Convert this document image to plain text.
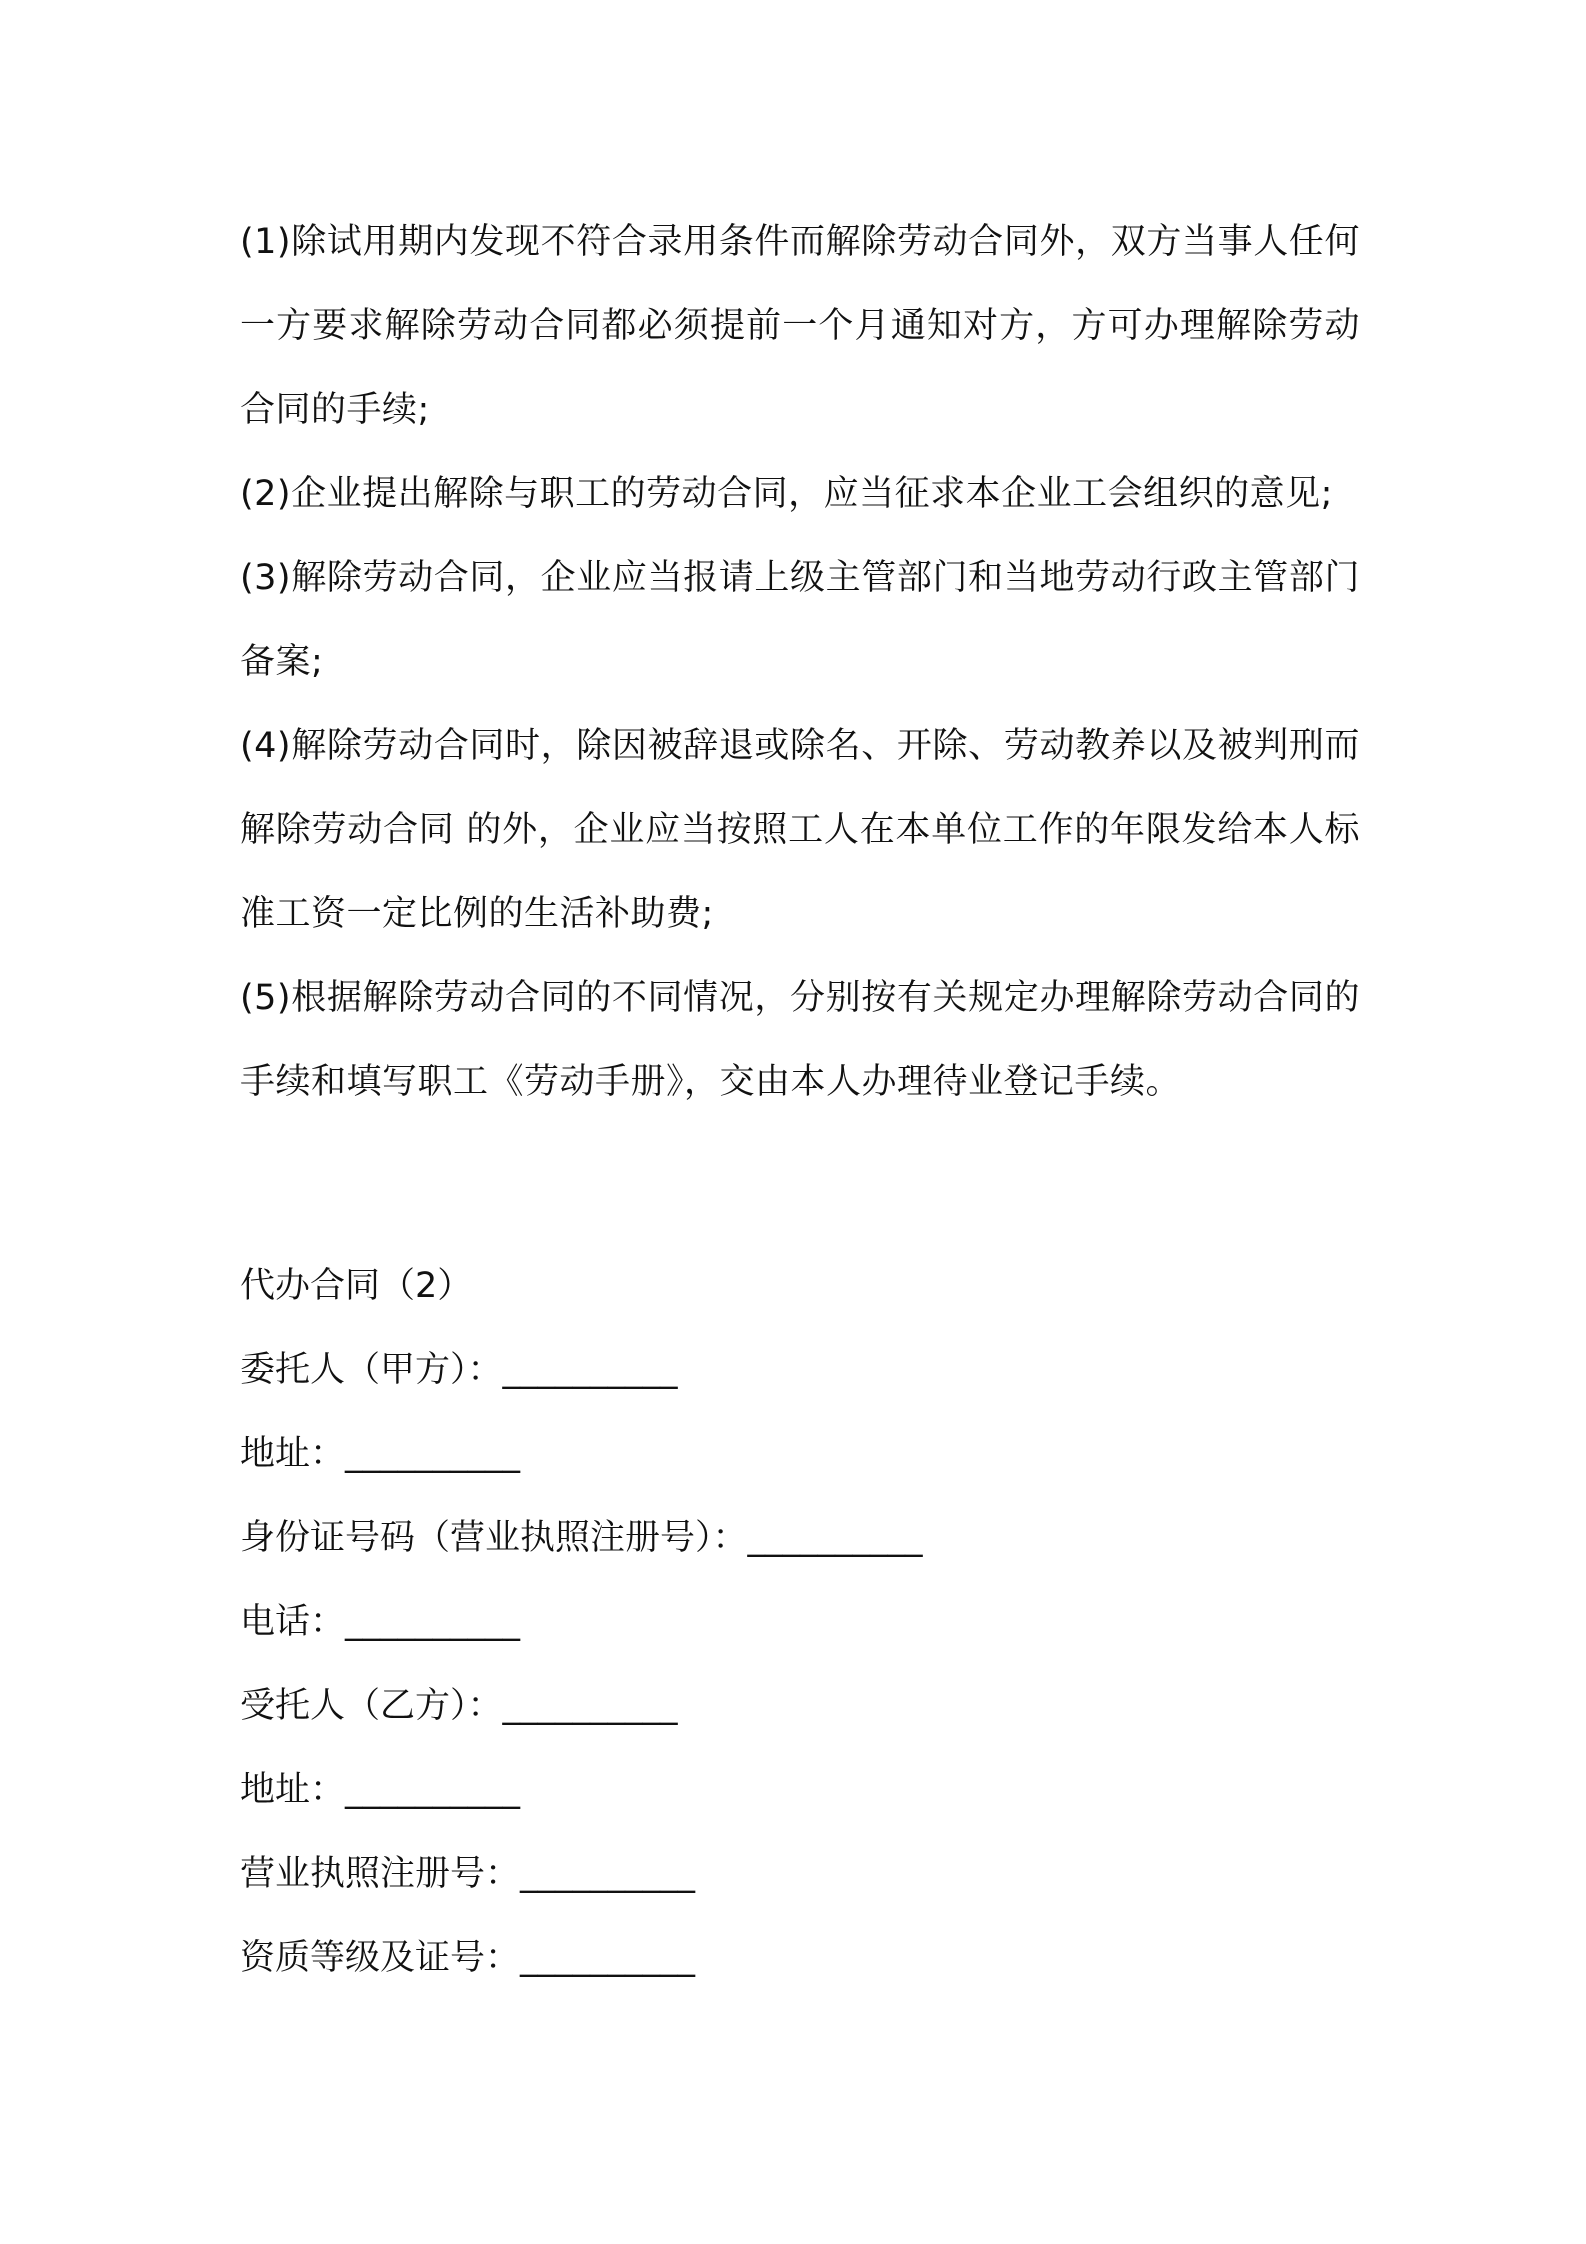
(1)除试用期内发现不符合录用条件而解除劳动合同外，双方当事人任何一方要求解除劳动合同都必须提前一个月通知对方，方可办理解除劳动合同的手续;

(2)企业提出解除与职工的劳动合同，应当征求本企业工会组织的意见;

(3)解除劳动合同，企业应当报请上级主管部门和当地劳动行政主管部门备案;

(4)解除劳动合同时，除因被辞退或除名、开除、劳动教养以及被判刑而解除劳动合同 的外，企业应当按照工人在本单位工作的年限发给本人标准工资一定比例的生活补助费;

(5)根据解除劳动合同的不同情况，分别按有关规定办理解除劳动合同的手续和填写职工《劳动手册》，交由本人办理待业登记手续。

代办合同（2）

委托人（甲方）：__________

地址：__________

身份证号码（营业执照注册号）：__________

电话：__________

受托人（乙方）：__________

地址：__________

营业执照注册号：__________

资质等级及证号：__________
